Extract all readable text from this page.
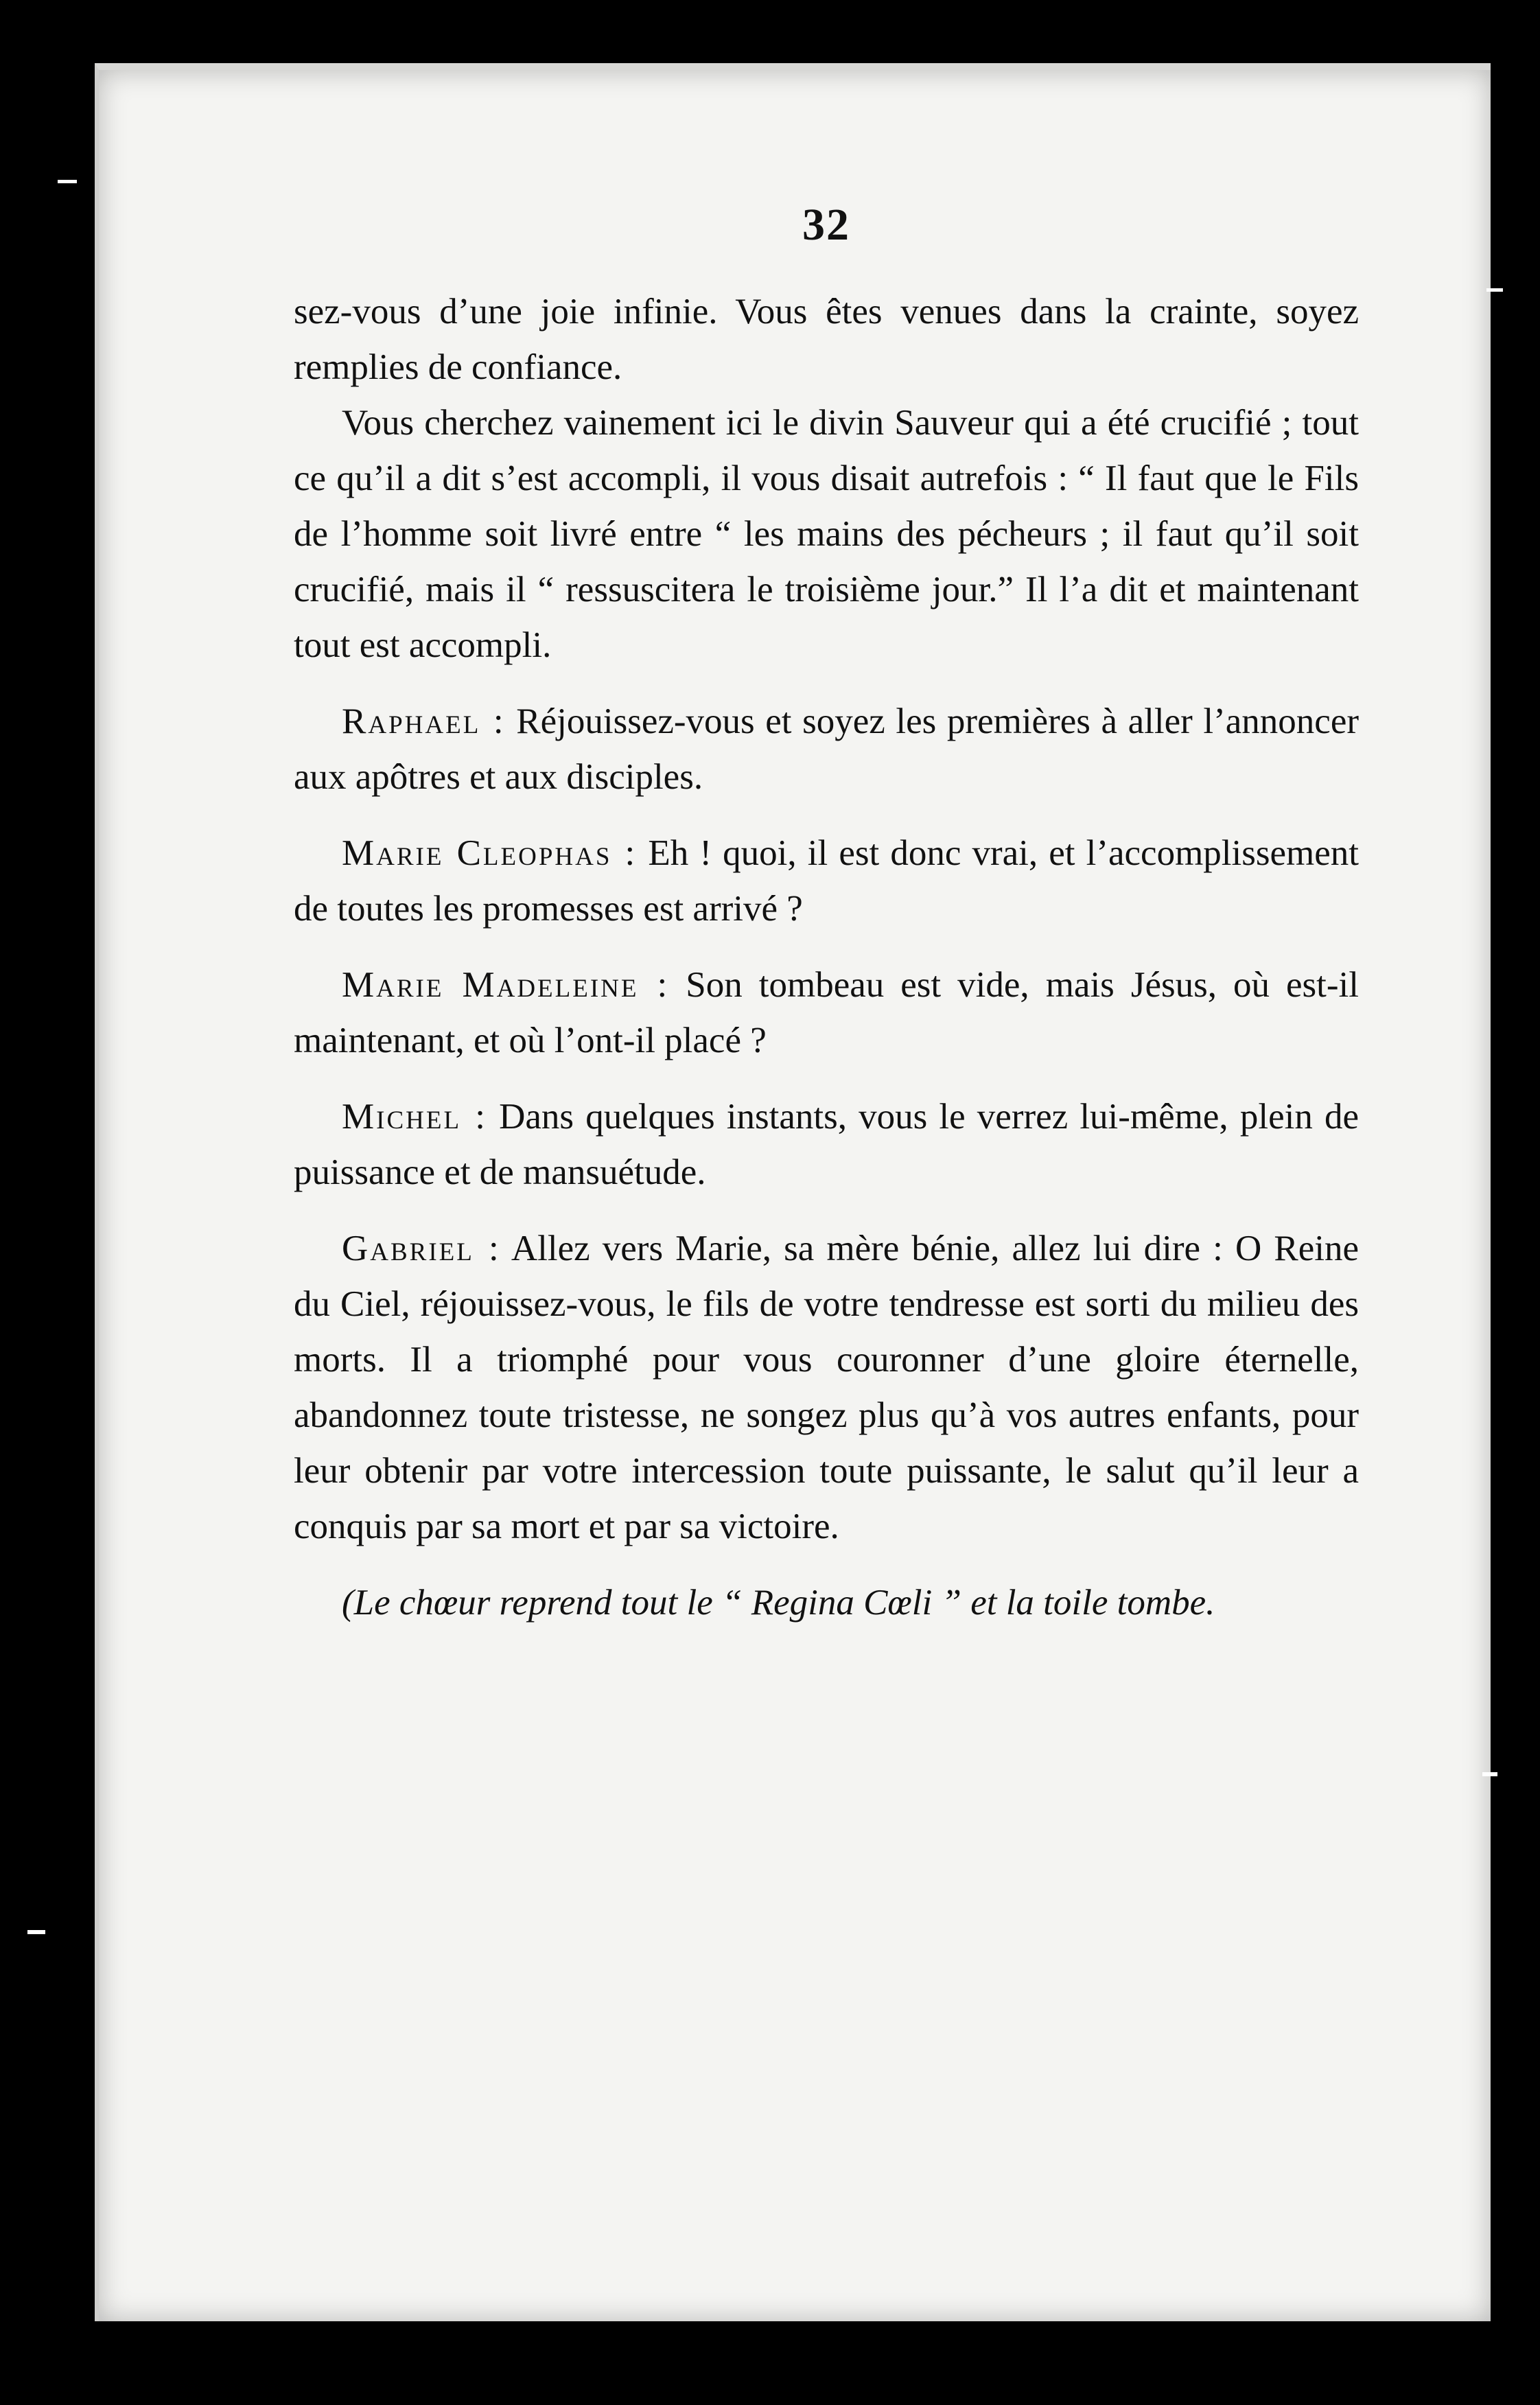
32

sez-vous d’une joie infinie. Vous êtes venues dans la crainte, soyez remplies de confiance.

Vous cherchez vainement ici le divin Sauveur qui a été crucifié ; tout ce qu’il a dit s’est accompli, il vous disait autrefois : “ Il faut que le Fils de l’homme soit livré entre “ les mains des pécheurs ; il faut qu’il soit crucifié, mais il “ ressuscitera le troisième jour.” Il l’a dit et maintenant tout est accompli.

Raphael : Réjouissez-vous et soyez les premières à aller l’annoncer aux apôtres et aux disciples.

Marie Cleophas : Eh ! quoi, il est donc vrai, et l’accomplissement de toutes les promesses est arrivé ?

Marie Madeleine : Son tombeau est vide, mais Jésus, où est-il maintenant, et où l’ont-il placé ?

Michel : Dans quelques instants, vous le verrez lui-même, plein de puissance et de mansuétude.

Gabriel : Allez vers Marie, sa mère bénie, allez lui dire : O Reine du Ciel, réjouissez-vous, le fils de votre tendresse est sorti du milieu des morts. Il a triomphé pour vous couronner d’une gloire éternelle, abandonnez toute tristesse, ne songez plus qu’à vos autres enfants, pour leur obtenir par votre intercession toute puissante, le salut qu’il leur a conquis par sa mort et par sa victoire.

(Le chœur reprend tout le “ Regina Cœli ” et la toile tombe.
